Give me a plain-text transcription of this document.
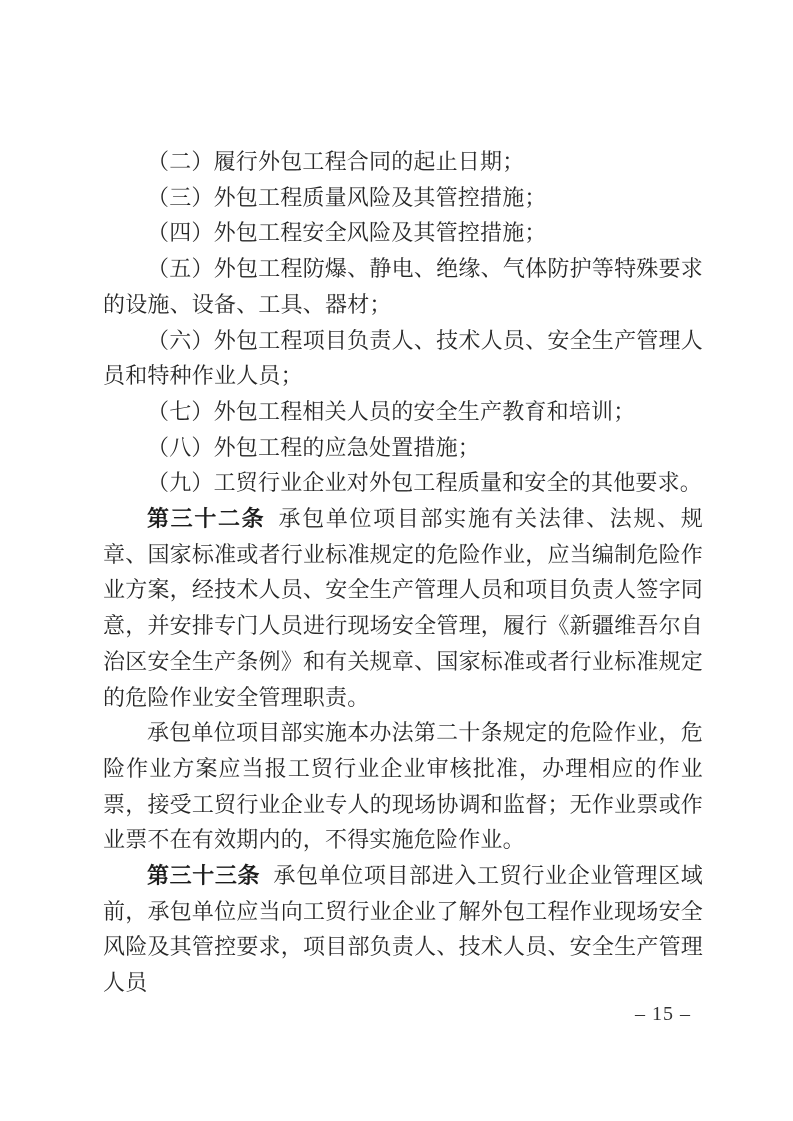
（二）履行外包工程合同的起止日期；

（三）外包工程质量风险及其管控措施；

（四）外包工程安全风险及其管控措施；

（五）外包工程防爆、静电、绝缘、气体防护等特殊要求的设施、设备、工具、器材；

（六）外包工程项目负责人、技术人员、安全生产管理人员和特种作业人员；

（七）外包工程相关人员的安全生产教育和培训；

（八）外包工程的应急处置措施；

（九）工贸行业企业对外包工程质量和安全的其他要求。

第三十二条 承包单位项目部实施有关法律、法规、规章、国家标准或者行业标准规定的危险作业，应当编制危险作业方案，经技术人员、安全生产管理人员和项目负责人签字同意，并安排专门人员进行现场安全管理，履行《新疆维吾尔自治区安全生产条例》和有关规章、国家标准或者行业标准规定的危险作业安全管理职责。

承包单位项目部实施本办法第二十条规定的危险作业，危险作业方案应当报工贸行业企业审核批准，办理相应的作业票，接受工贸行业企业专人的现场协调和监督；无作业票或作业票不在有效期内的，不得实施危险作业。

第三十三条 承包单位项目部进入工贸行业企业管理区域前，承包单位应当向工贸行业企业了解外包工程作业现场安全风险及其管控要求，项目部负责人、技术人员、安全生产管理人员

– 15 –
